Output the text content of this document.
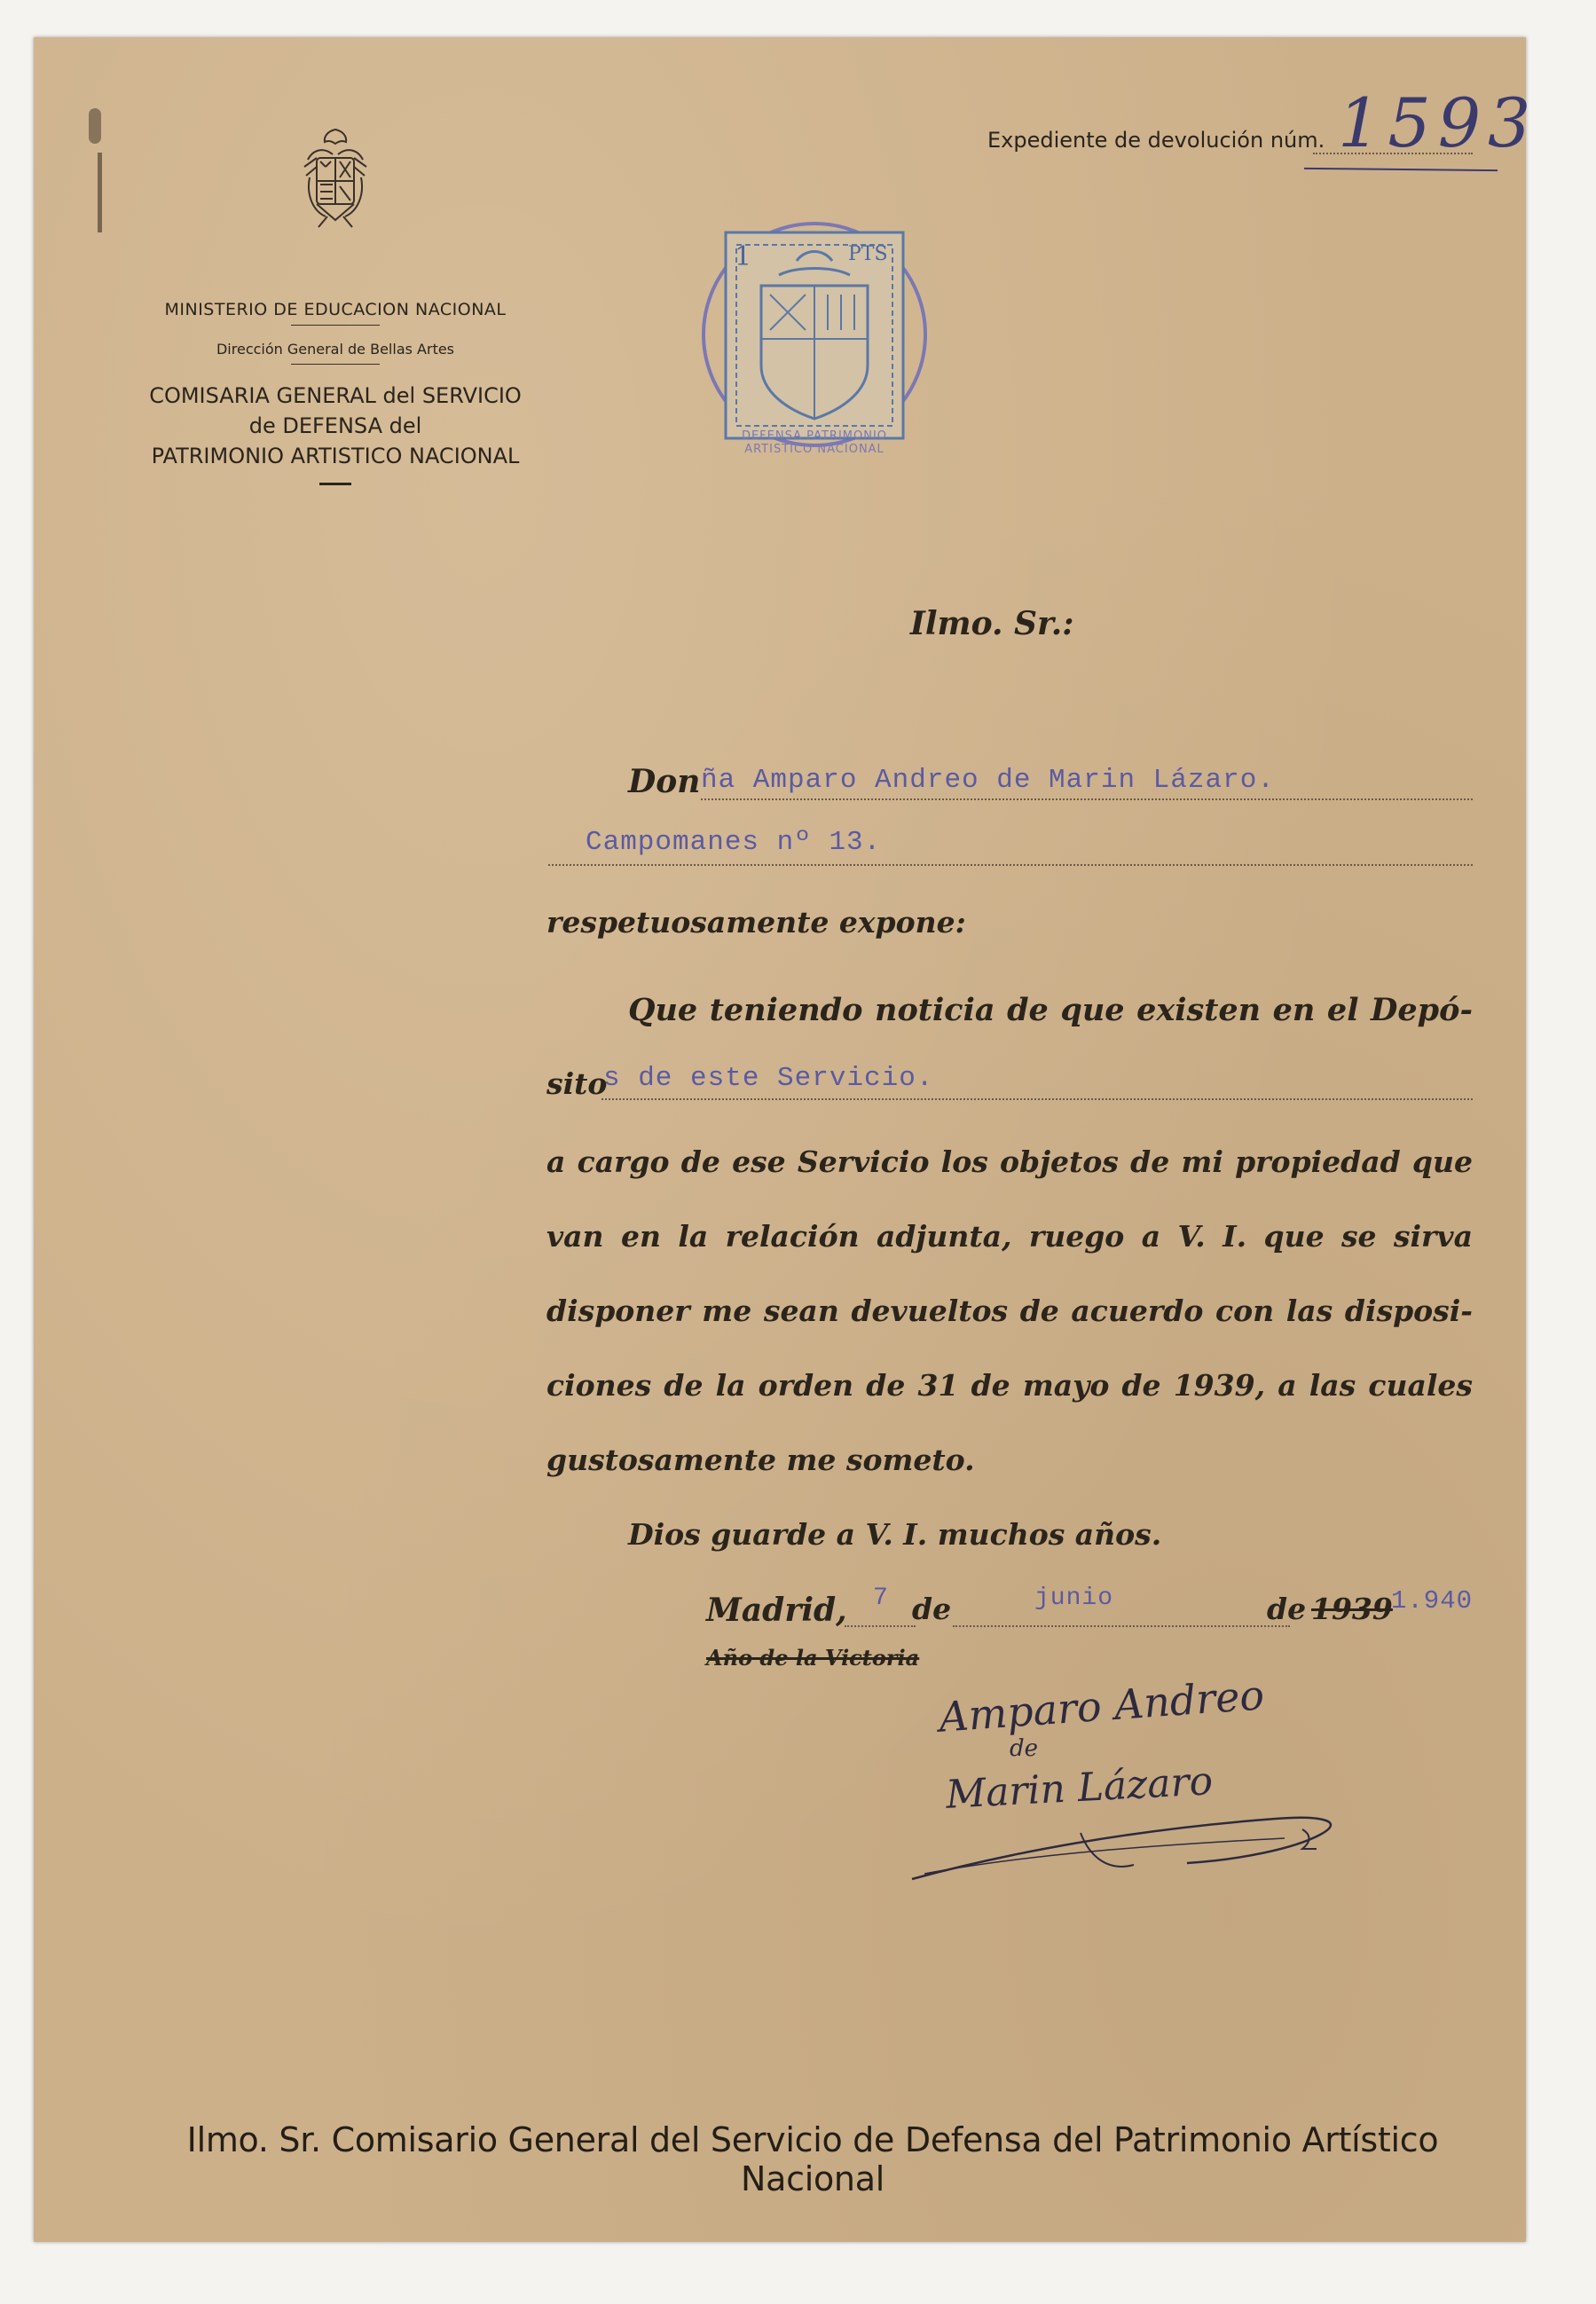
MINISTERIO DE EDUCACION NACIONAL
Dirección General de Bellas Artes
COMISARIA GENERAL del SERVICIO
de DEFENSA del
PATRIMONIO ARTISTICO NACIONAL
Expediente de devolución núm. 1593
1	PTS
DEFENSA PATRIMONIO ARTISTICO NACIONAL
Ilmo. Sr.:
Don ña Amparo Andreo de Marin Lázaro.
Campomanes nº 13.
respetuosamente expone:
Que teniendo noticia de que existen en el Depó-
sito
s de este Servicio.
a cargo de ese Servicio los objetos de mi propiedad que
van en la relación adjunta, ruego a V. I. que se sirva
disponer me sean devueltos de acuerdo con las disposi-
ciones de la orden de 31 de mayo de 1939, a las cuales
gustosamente me someto.
Dios guarde a V. I. muchos años.
Madrid, 7 de	junio	de 1939
1.940
Año de la Victoria
Amparo Andreo
de
Marin Lázaro
Ilmo. Sr. Comisario General del Servicio de Defensa del Patrimonio Artístico Nacional
